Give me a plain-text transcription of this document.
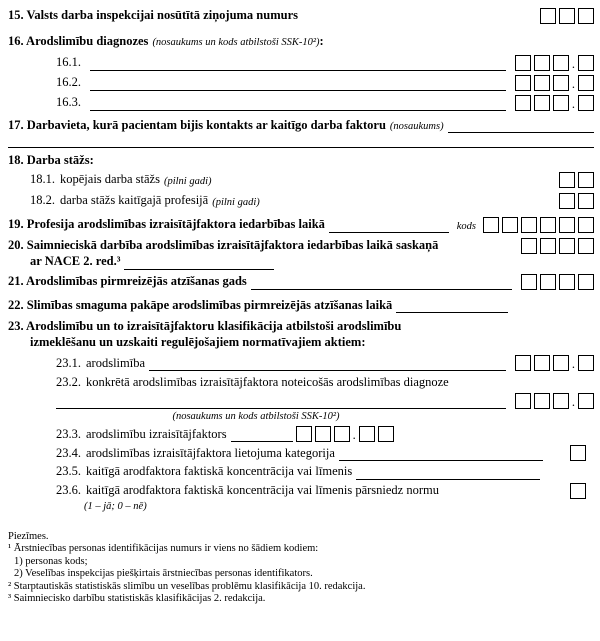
15. Valsts darba inspekcijai nosūtītā ziņojuma numurs
16. Arodslimību diagnozes (nosaukums un kods atbilstoši SSK-10²):
16.1.	.
16.2.	.
16.3.	.
17. Darbavieta, kurā pacientam bijis kontakts ar kaitīgo darba faktoru (nosaukums)
18. Darba stāžs:
18.1. kopējais darba stāžs (pilni gadi)
18.2. darba stāžs kaitīgajā profesijā (pilni gadi)
19. Profesija arodslimības izraisītājfaktora iedarbības laikā	kods
20. Saimnieciskā darbība arodslimības izraisītājfaktora iedarbības laikā saskaņā
ar NACE 2. red.³
21. Arodslimības pirmreizējās atzīšanas gads
22. Slimības smaguma pakāpe arodslimības pirmreizējās atzīšanas laikā
23. Arodslimību un to izraisītājfaktoru klasifikācija atbilstoši arodslimību
izmeklēšanu un uzskaiti regulējošajiem normatīvajiem aktiem:
23.1. arodslimība	.
23.2. konkrētā arodslimības izraisītājfaktora noteicošās arodslimības diagnoze
.
(nosaukums un kods atbilstoši SSK-10²)
23.3. arodslimību izraisītājfaktors	.
23.4. arodslimības izraisītājfaktora lietojuma kategorija
23.5. kaitīgā arodfaktora faktiskā koncentrācija vai līmenis
23.6. kaitīgā arodfaktora faktiskā koncentrācija vai līmenis pārsniedz normu
(1 – jā; 0 – nē)
Piezīmes.
¹ Ārstniecības personas identifikācijas numurs ir viens no šādiem kodiem:
1) personas kods;
2) Veselības inspekcijas piešķirtais ārstniecības personas identifikators.
² Starptautiskās statistiskās slimību un veselības problēmu klasifikācija 10. redakcija.
³ Saimniecisko darbību statistiskās klasifikācijas 2. redakcija.
